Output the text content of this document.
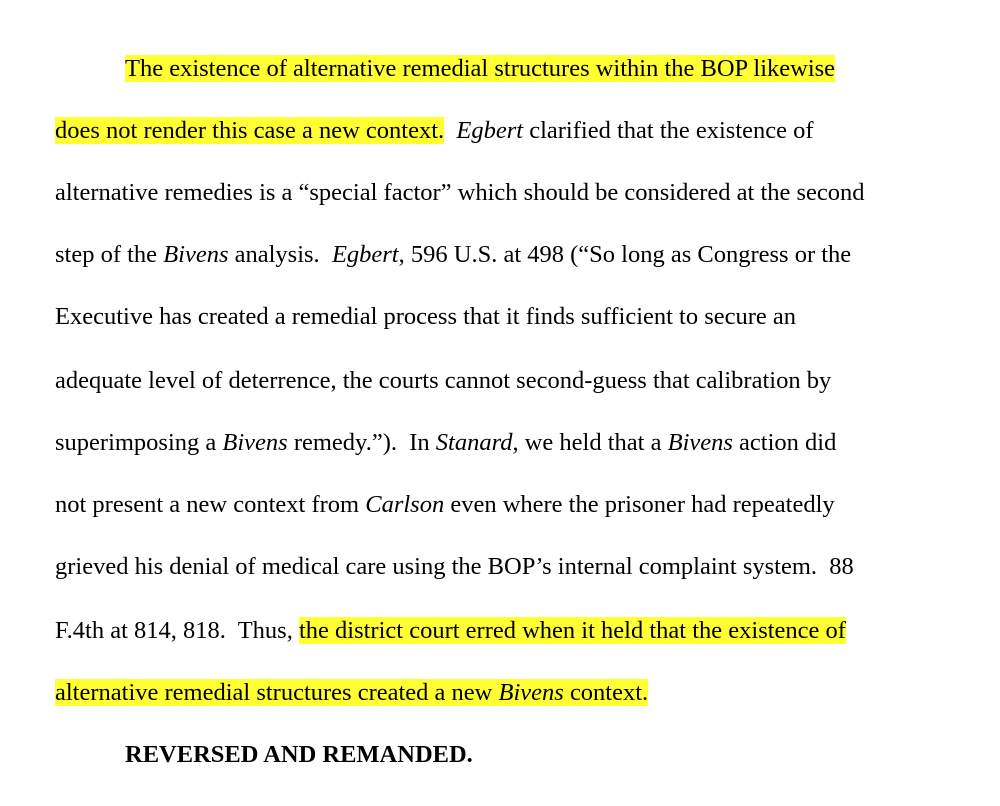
The existence of alternative remedial structures within the BOP likewise
does not render this case a new context. Egbert clarified that the existence of
alternative remedies is a “special factor” which should be considered at the second
step of the Bivens analysis.  Egbert, 596 U.S. at 498 (“So long as Congress or the
Executive has created a remedial process that it finds sufficient to secure an
adequate level of deterrence, the courts cannot second-guess that calibration by
superimposing a Bivens remedy.”).  In Stanard, we held that a Bivens action did
not present a new context from Carlson even where the prisoner had repeatedly
grieved his denial of medical care using the BOP’s internal complaint system.  88
F.4th at 814, 818.  Thus, the district court erred when it held that the existence of
alternative remedial structures created a new Bivens context.
REVERSED AND REMANDED.
